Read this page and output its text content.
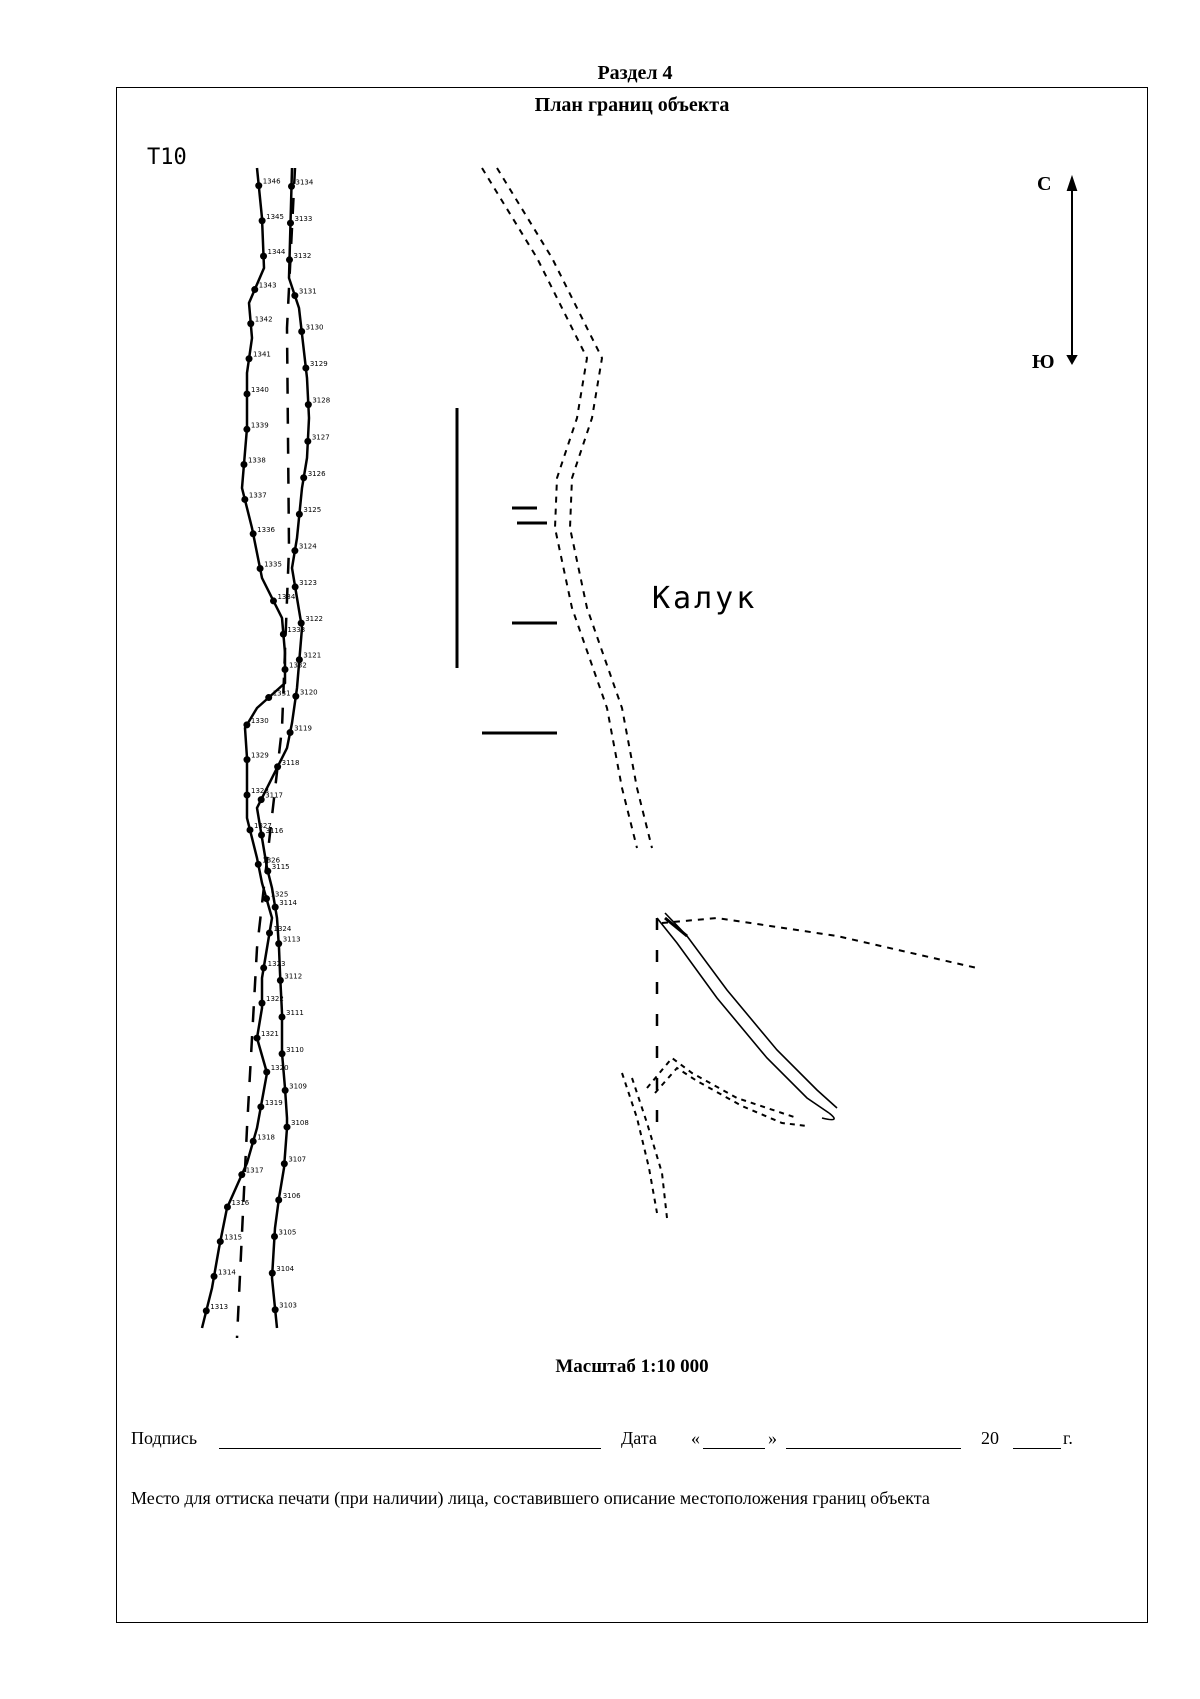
Раздел 4
План границ объекта
Т10
3134
3133
3132
3131
3130
3129
3128
3127
3126
3125
3124
3123
3122
3121
3120
3119
3118
3117
3116
3115
3114
3113
3112
3111
3110
3109
3108
3107
3106
3105
3104
3103
1346
1345
1344
1343
1342
1341
1340
1339
1338
1337
1336
1335
1334
1333
1332
1331
1330
1329
1328
1327
1326
1325
1324
1323
1322
1321
1320
1319
1318
1317
1316
1315
1314
1313
Калук
С
Ю
Масштаб 1:10 000
Подпись	Дата «	»	20	г.
Место для оттиска печати (при наличии) лица, составившего описание местоположения границ объекта
